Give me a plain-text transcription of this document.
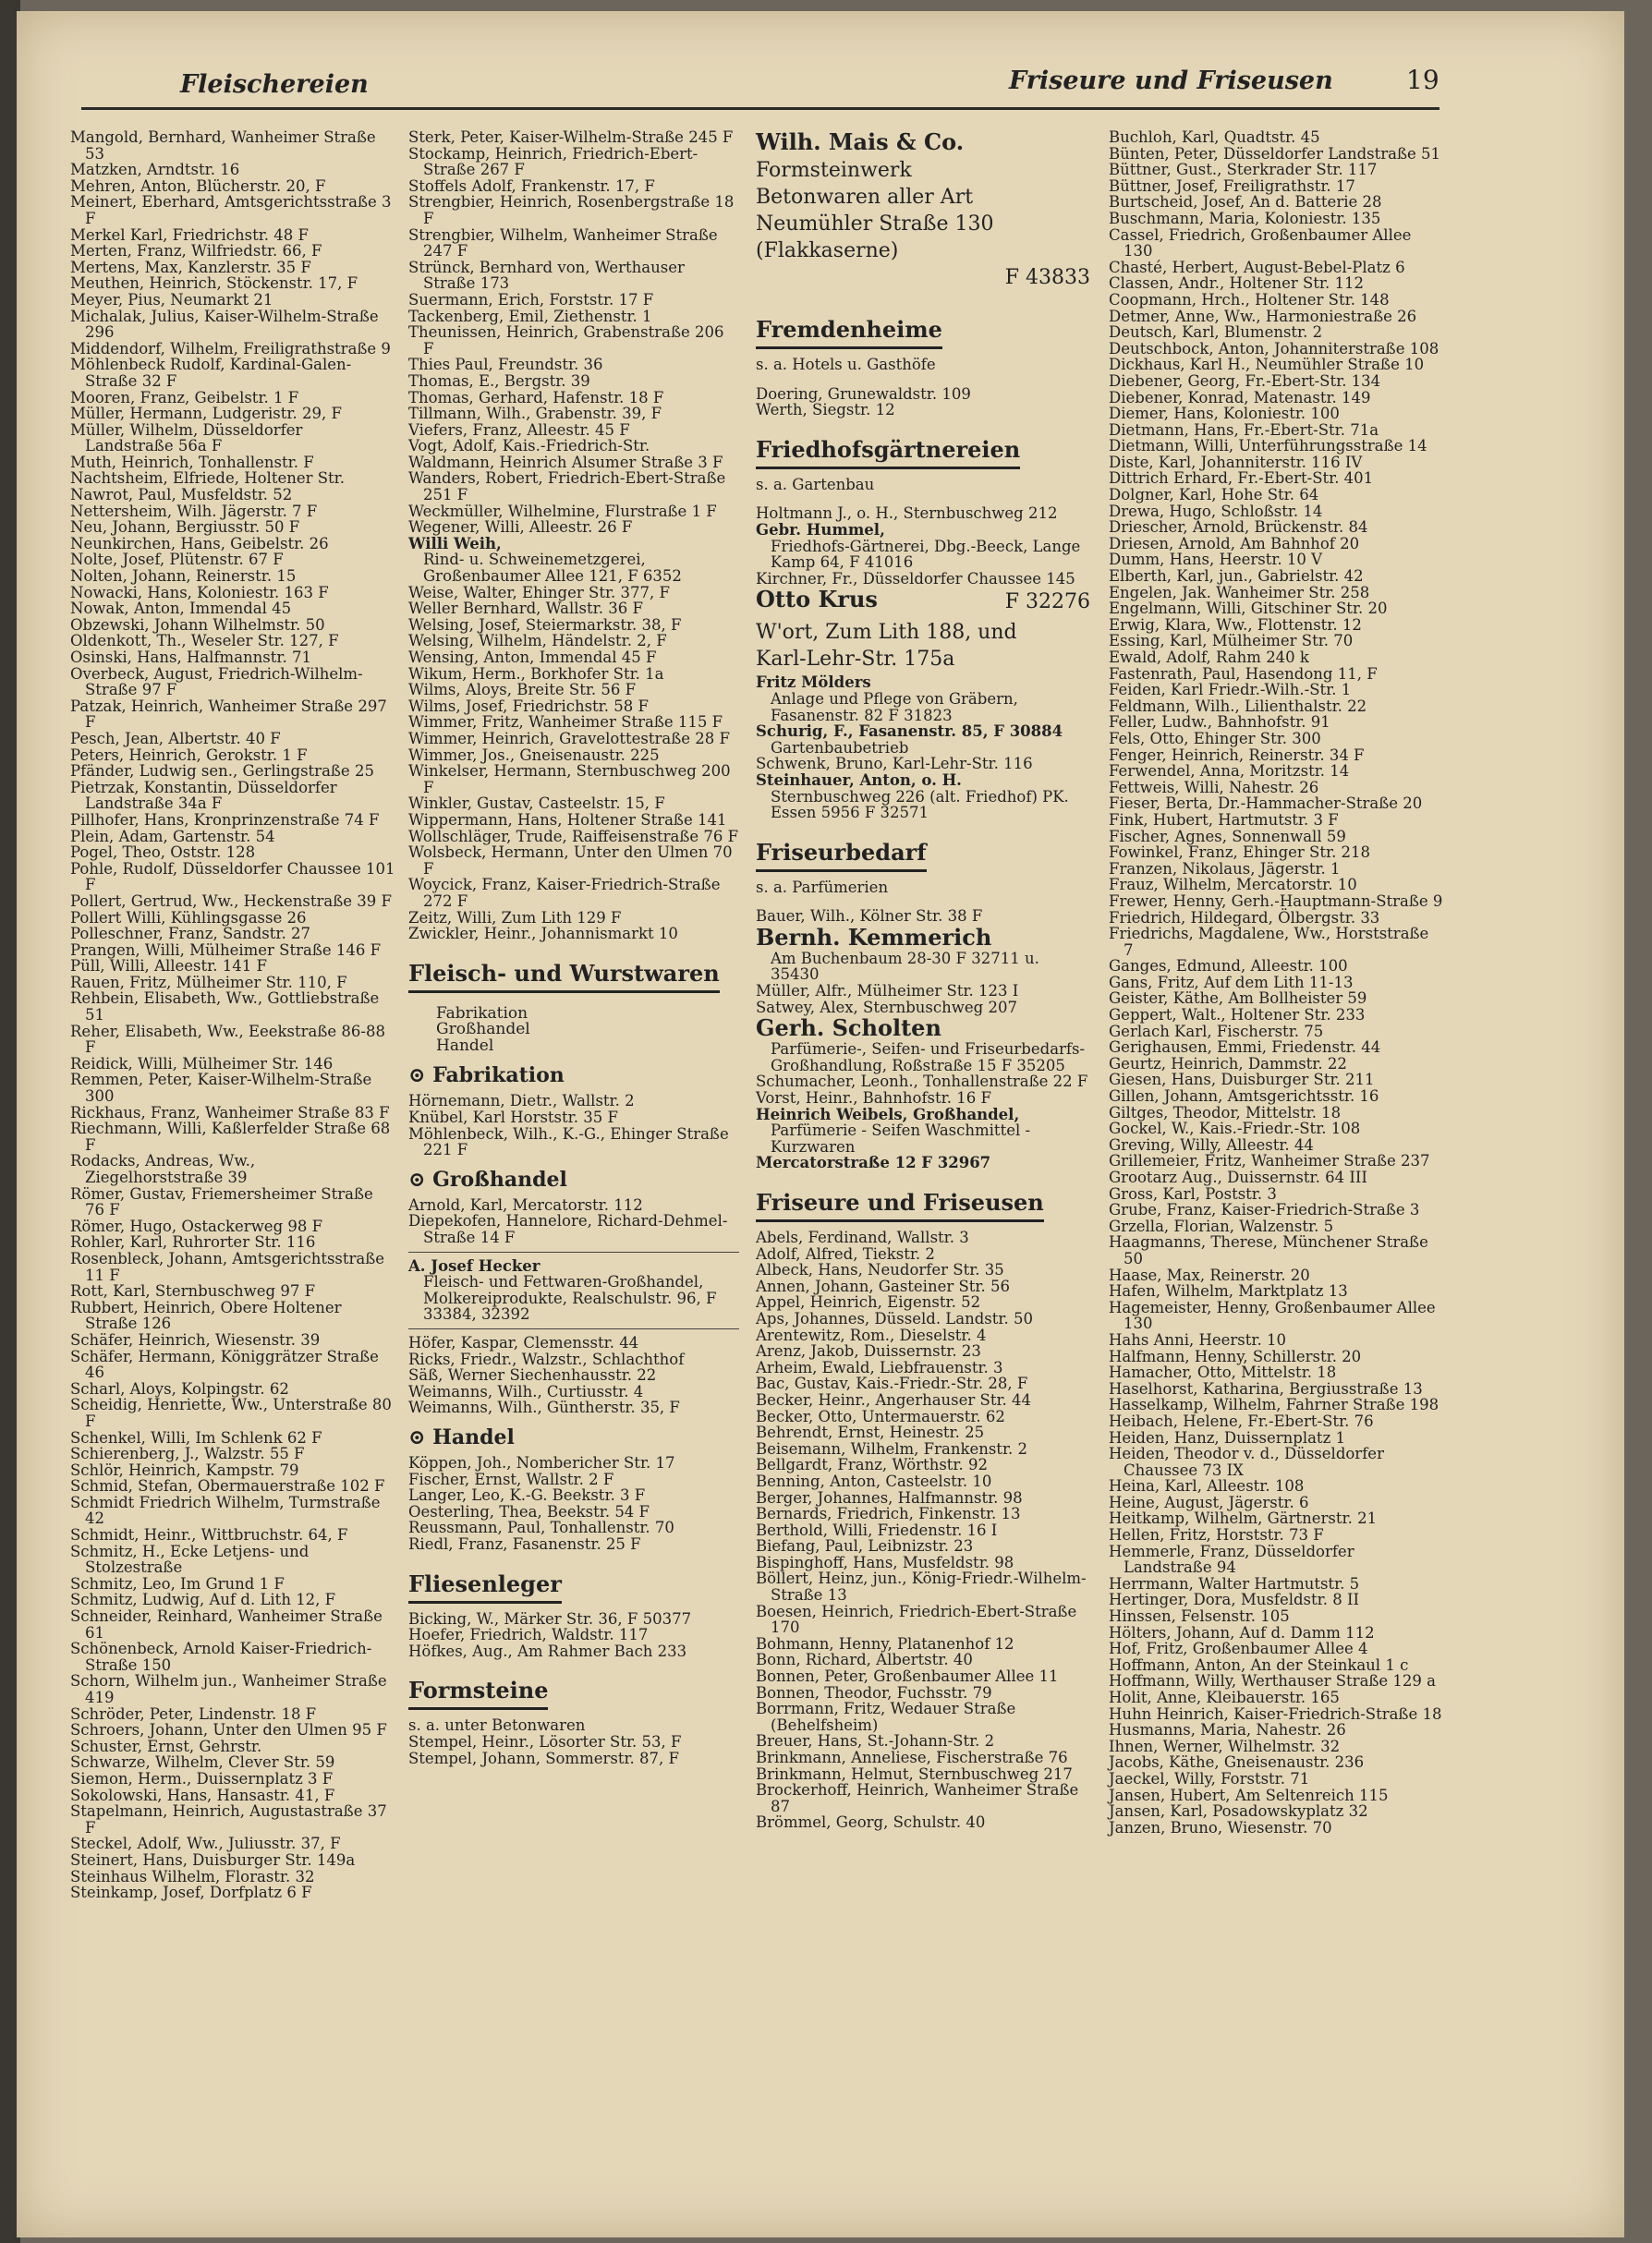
Fleischereien	Friseure und Friseusen	19

Mangold, Bernhard, Wanheimer Straße 53

Matzken, Arndtstr. 16

Mehren, Anton, Blücherstr. 20, F

Meinert, Eberhard, Amtsgerichtsstraße 3 F

Merkel Karl, Friedrichstr. 48 F

Merten, Franz, Wilfriedstr. 66, F

Mertens, Max, Kanzlerstr. 35 F

Meuthen, Heinrich, Stöckenstr. 17, F

Meyer, Pius, Neumarkt 21

Michalak, Julius, Kaiser-Wilhelm-Straße 296

Middendorf, Wilhelm, Freiligrathstraße 9

Möhlenbeck Rudolf, Kardinal-Galen-Straße 32 F

Mooren, Franz, Geibelstr. 1 F

Müller, Hermann, Ludgeristr. 29, F

Müller, Wilhelm, Düsseldorfer Landstraße 56a F

Muth, Heinrich, Tonhallenstr. F

Nachtsheim, Elfriede, Holtener Str.

Nawrot, Paul, Musfeldstr. 52

Nettersheim, Wilh. Jägerstr. 7 F

Neu, Johann, Bergiusstr. 50 F

Neunkirchen, Hans, Geibelstr. 26

Nolte, Josef, Plütenstr. 67 F

Nolten, Johann, Reinerstr. 15

Nowacki, Hans, Koloniestr. 163 F

Nowak, Anton, Immendal 45

Obzewski, Johann Wilhelmstr. 50

Oldenkott, Th., Weseler Str. 127, F

Osinski, Hans, Halfmannstr. 71

Overbeck, August, Friedrich-Wilhelm-Straße 97 F

Patzak, Heinrich, Wanheimer Straße 297 F

Pesch, Jean, Albertstr. 40 F

Peters, Heinrich, Gerokstr. 1 F

Pfänder, Ludwig sen., Gerlingstraße 25

Pietrzak, Konstantin, Düsseldorfer Landstraße 34a F

Pillhofer, Hans, Kronprinzenstraße 74 F

Plein, Adam, Gartenstr. 54

Pogel, Theo, Oststr. 128

Pohle, Rudolf, Düsseldorfer Chaussee 101 F

Pollert, Gertrud, Ww., Heckenstraße 39 F

Pollert Willi, Kühlingsgasse 26

Polleschner, Franz, Sandstr. 27

Prangen, Willi, Mülheimer Straße 146 F

Püll, Willi, Alleestr. 141 F

Rauen, Fritz, Mülheimer Str. 110, F

Rehbein, Elisabeth, Ww., Gottliebstraße 51

Reher, Elisabeth, Ww., Eeekstraße 86-88 F

Reidick, Willi, Mülheimer Str. 146

Remmen, Peter, Kaiser-Wilhelm-Straße 300

Rickhaus, Franz, Wanheimer Straße 83 F

Riechmann, Willi, Kaßlerfelder Straße 68 F

Rodacks, Andreas, Ww., Ziegelhorststraße 39

Römer, Gustav, Friemersheimer Straße 76 F

Römer, Hugo, Ostackerweg 98 F

Rohler, Karl, Ruhrorter Str. 116

Rosenbleck, Johann, Amtsgerichtsstraße 11 F

Rott, Karl, Sternbuschweg 97 F

Rubbert, Heinrich, Obere Holtener Straße 126

Schäfer, Heinrich, Wiesenstr. 39

Schäfer, Hermann, Königgrätzer Straße 46

Scharl, Aloys, Kolpingstr. 62

Scheidig, Henriette, Ww., Unterstraße 80 F

Schenkel, Willi, Im Schlenk 62 F

Schierenberg, J., Walzstr. 55 F

Schlör, Heinrich, Kampstr. 79

Schmid, Stefan, Obermauerstraße 102 F

Schmidt Friedrich Wilhelm, Turmstraße 42

Schmidt, Heinr., Wittbruchstr. 64, F

Schmitz, H., Ecke Letjens- und Stolzestraße

Schmitz, Leo, Im Grund 1 F

Schmitz, Ludwig, Auf d. Lith 12, F

Schneider, Reinhard, Wanheimer Straße 61

Schönenbeck, Arnold Kaiser-Friedrich-Straße 150

Schorn, Wilhelm jun., Wanheimer Straße 419

Schröder, Peter, Lindenstr. 18 F

Schroers, Johann, Unter den Ulmen 95 F

Schuster, Ernst, Gehrstr.

Schwarze, Wilhelm, Clever Str. 59

Siemon, Herm., Duissernplatz 3 F

Sokolowski, Hans, Hansastr. 41, F

Stapelmann, Heinrich, Augustastraße 37 F

Steckel, Adolf, Ww., Juliusstr. 37, F

Steinert, Hans, Duisburger Str. 149a

Steinhaus Wilhelm, Florastr. 32

Steinkamp, Josef, Dorfplatz 6 F

Sterk, Peter, Kaiser-Wilhelm-Straße 245 F

Stockamp, Heinrich, Friedrich-Ebert-Straße 267 F

Stoffels Adolf, Frankenstr. 17, F

Strengbier, Heinrich, Rosenbergstraße 18 F

Strengbier, Wilhelm, Wanheimer Straße 247 F

Strünck, Bernhard von, Werthauser Straße 173

Suermann, Erich, Forststr. 17 F

Tackenberg, Emil, Ziethenstr. 1

Theunissen, Heinrich, Grabenstraße 206 F

Thies Paul, Freundstr. 36

Thomas, E., Bergstr. 39

Thomas, Gerhard, Hafenstr. 18 F

Tillmann, Wilh., Grabenstr. 39, F

Viefers, Franz, Alleestr. 45 F

Vogt, Adolf, Kais.-Friedrich-Str.

Waldmann, Heinrich Alsumer Straße 3 F

Wanders, Robert, Friedrich-Ebert-Straße 251 F

Weckmüller, Wilhelmine, Flurstraße 1 F

Wegener, Willi, Alleestr. 26 F

Willi Weih,
Rind- u. Schweinemetzgerei, Großenbaumer Allee 121, F 6352

Weise, Walter, Ehinger Str. 377, F

Weller Bernhard, Wallstr. 36 F

Welsing, Josef, Steiermarkstr. 38, F

Welsing, Wilhelm, Händelstr. 2, F

Wensing, Anton, Immendal 45 F

Wikum, Herm., Borkhofer Str. 1a

Wilms, Aloys, Breite Str. 56 F

Wilms, Josef, Friedrichstr. 58 F

Wimmer, Fritz, Wanheimer Straße 115 F

Wimmer, Heinrich, Gravelottestraße 28 F

Wimmer, Jos., Gneisenaustr. 225

Winkelser, Hermann, Sternbuschweg 200 F

Winkler, Gustav, Casteelstr. 15, F

Wippermann, Hans, Holtener Straße 141

Wollschläger, Trude, Raiffeisenstraße 76 F

Wolsbeck, Hermann, Unter den Ulmen 70 F

Woycick, Franz, Kaiser-Friedrich-Straße 272 F

Zeitz, Willi, Zum Lith 129 F

Zwickler, Heinr., Johannismarkt 10

Fleisch- und Wurstwaren

Fabrikation

Großhandel

Handel

⊙ Fabrikation

Hörnemann, Dietr., Wallstr. 2

Knübel, Karl Horststr. 35 F

Möhlenbeck, Wilh., K.-G., Ehinger Straße 221 F

⊙ Großhandel

Arnold, Karl, Mercatorstr. 112

Diepekofen, Hannelore, Richard-Dehmel-Straße 14 F

A. Josef Hecker
Fleisch- und Fettwaren-Großhandel, Molkereiprodukte, Realschulstr. 96, F 33384, 32392

Höfer, Kaspar, Clemensstr. 44

Ricks, Friedr., Walzstr., Schlachthof

Säß, Werner Siechenhausstr. 22

Weimanns, Wilh., Curtiusstr. 4

Weimanns, Wilh., Güntherstr. 35, F

⊙ Handel

Köppen, Joh., Nomberichеr Str. 17

Fischer, Ernst, Wallstr. 2 F

Langer, Leo, K.-G. Beekstr. 3 F

Oesterling, Thea, Beekstr. 54 F

Reussmann, Paul, Tonhallenstr. 70

Riedl, Franz, Fasanenstr. 25 F

Fliesenleger

Bicking, W., Märker Str. 36, F 50377

Hoefer, Friedrich, Waldstr. 117

Höfkes, Aug., Am Rahmer Bach 233

Formsteine

s. a. unter Betonwaren

Stempel, Heinr., Lösorter Str. 53, F

Stempel, Johann, Sommerstr. 87, F

Wilh. Mais & Co.
Formsteinwerk
Betonwaren aller Art
Neumühler Straße 130
(Flakkaserne)
F 43833
Fremdenheime

s. a. Hotels u. Gasthöfe

Doering, Grunewaldstr. 109

Werth, Siegstr. 12

Friedhofsgärtnereien

s. a. Gartenbau

Holtmann J., o. H., Sternbuschweg 212

Gebr. Hummel,
Friedhofs-Gärtnerei, Dbg.-Beeck, Lange Kamp 64, F 41016

Kirchner, Fr., Düsseldorfer Chaussee 145

Otto Krus	F 32276
W'ort, Zum Lith 188, und
Karl-Lehr-Str. 175a

Fritz Mölders
Anlage und Pflege von Gräbern, Fasanenstr. 82 F 31823

Schurig, F., Fasanenstr. 85, F 30884
Gartenbaubetrieb

Schwenk, Bruno, Karl-Lehr-Str. 116

Steinhauer, Anton, o. H.
Sternbuschweg 226 (alt. Friedhof) PK. Essen 5956 F 32571

Friseurbedarf

s. a. Parfümerien

Bauer, Wilh., Kölner Str. 38 F

Bernh. Kemmerich
Am Buchenbaum 28-30 F 32711 u. 35430

Müller, Alfr., Mülheimer Str. 123 I

Satwey, Alex, Sternbuschweg 207

Gerh. Scholten
Parfümerie-, Seifen- und Friseurbedarfs-Großhandlung, Roßstraße 15 F 35205

Schumacher, Leonh., Tonhallenstraße 22 F

Vorst, Heinr., Bahnhofstr. 16 F

Heinrich Weibels, Großhandel,
Parfümerie - Seifen Waschmittel - Kurzwaren

Mercatorstraße 12 F 32967

Friseure und Friseusen

Abels, Ferdinand, Wallstr. 3

Adolf, Alfred, Tiekstr. 2

Albeck, Hans, Neudorfer Str. 35

Annen, Johann, Gasteiner Str. 56

Appel, Heinrich, Eigenstr. 52

Aps, Johannes, Düsseld. Landstr. 50

Arentewitz, Rom., Dieselstr. 4

Arenz, Jakob, Duissernstr. 23

Arheim, Ewald, Liebfrauenstr. 3

Bac, Gustav, Kais.-Friedr.-Str. 28, F

Becker, Heinr., Angerhauser Str. 44

Becker, Otto, Untermauerstr. 62

Behrendt, Ernst, Heinestr. 25

Beisemann, Wilhelm, Frankenstr. 2

Bellgardt, Franz, Wörthstr. 92

Benning, Anton, Casteelstr. 10

Berger, Johannes, Halfmannstr. 98

Bernards, Friedrich, Finkenstr. 13

Berthold, Willi, Friedenstr. 16 I

Biefang, Paul, Leibnizstr. 23

Bispinghoff, Hans, Musfeldstr. 98

Böllert, Heinz, jun., König-Friedr.-Wilhelm-Straße 13

Boesen, Heinrich, Friedrich-Ebert-Straße 170

Bohmann, Henny, Platanenhof 12

Bonn, Richard, Albertstr. 40

Bonnen, Peter, Großenbaumer Allee 11

Bonnen, Theodor, Fuchsstr. 79

Borrmann, Fritz, Wedauer Straße (Behelfsheim)

Breuer, Hans, St.-Johann-Str. 2

Brinkmann, Anneliese, Fischerstraße 76

Brinkmann, Helmut, Sternbuschweg 217

Brockerhoff, Heinrich, Wanheimer Straße 87

Brömmel, Georg, Schulstr. 40

Buchloh, Karl, Quadtstr. 45

Bünten, Peter, Düsseldorfer Landstraße 51

Büttner, Gust., Sterkrader Str. 117

Büttner, Josef, Freiligrathstr. 17

Burtscheid, Josef, An d. Batterie 28

Buschmann, Maria, Koloniestr. 135

Cassel, Friedrich, Großenbaumer Allee 130

Chasté, Herbert, August-Bebel-Platz 6

Classen, Andr., Holtener Str. 112

Coopmann, Hrch., Holtener Str. 148

Detmer, Anne, Ww., Harmoniestraße 26

Deutsch, Karl, Blumenstr. 2

Deutschbock, Anton, Johanniterstraße 108

Dickhaus, Karl H., Neumühler Straße 10

Diebener, Georg, Fr.-Ebert-Str. 134

Diebener, Konrad, Matenastr. 149

Diemer, Hans, Koloniestr. 100

Dietmann, Hans, Fr.-Ebert-Str. 71a

Dietmann, Willi, Unterführungsstraße 14

Diste, Karl, Johanniterstr. 116 IV

Dittrich Erhard, Fr.-Ebert-Str. 401

Dolgner, Karl, Hohe Str. 64

Drewa, Hugo, Schloßstr. 14

Driescher, Arnold, Brückenstr. 84

Driesen, Arnold, Am Bahnhof 20

Dumm, Hans, Heerstr. 10 V

Elberth, Karl, jun., Gabrielstr. 42

Engelen, Jak. Wanheimer Str. 258

Engelmann, Willi, Gitschiner Str. 20

Erwig, Klara, Ww., Flottenstr. 12

Essing, Karl, Mülheimer Str. 70

Ewald, Adolf, Rahm 240 k

Fastenrath, Paul, Hasendong 11, F

Feiden, Karl Friedr.-Wilh.-Str. 1

Feldmann, Wilh., Lilienthalstr. 22

Feller, Ludw., Bahnhofstr. 91

Fels, Otto, Ehinger Str. 300

Fenger, Heinrich, Reinerstr. 34 F

Ferwendel, Anna, Moritzstr. 14

Fettweis, Willi, Nahestr. 26

Fieser, Berta, Dr.-Hammacher-Straße 20

Fink, Hubert, Hartmutstr. 3 F

Fischer, Agnes, Sonnenwall 59

Fowinkel, Franz, Ehinger Str. 218

Franzen, Nikolaus, Jägerstr. 1

Frauz, Wilhelm, Mercatorstr. 10

Frewer, Henny, Gerh.-Hauptmann-Straße 9

Friedrich, Hildegard, Ölbergstr. 33

Friedrichs, Magdalene, Ww., Horststraße 7

Ganges, Edmund, Alleestr. 100

Gans, Fritz, Auf dem Lith 11-13

Geister, Käthe, Am Bollheister 59

Geppert, Walt., Holtener Str. 233

Gerlach Karl, Fischerstr. 75

Gerighausen, Emmi, Friedenstr. 44

Geurtz, Heinrich, Dammstr. 22

Giesen, Hans, Duisburger Str. 211

Gillen, Johann, Amtsgerichtsstr. 16

Giltges, Theodor, Mittelstr. 18

Gockel, W., Kais.-Friedr.-Str. 108

Greving, Willy, Alleestr. 44

Grillemeier, Fritz, Wanheimer Straße 237

Grootarz Aug., Duissernstr. 64 III

Gross, Karl, Poststr. 3

Grube, Franz, Kaiser-Friedrich-Straße 3

Grzella, Florian, Walzenstr. 5

Haagmanns, Therese, Münchener Straße 50

Haase, Max, Reinerstr. 20

Hafen, Wilhelm, Marktplatz 13

Hagemeister, Henny, Großenbaumer Allee 130

Hahs Anni, Heerstr. 10

Halfmann, Henny, Schillerstr. 20

Hamacher, Otto, Mittelstr. 18

Haselhorst, Katharina, Bergiusstraße 13

Hasselkamp, Wilhelm, Fahrner Straße 198

Heibach, Helene, Fr.-Ebert-Str. 76

Heiden, Hanz, Duissernplatz 1

Heiden, Theodor v. d., Düsseldorfer Chaussee 73 IX

Heina, Karl, Alleestr. 108

Heine, August, Jägerstr. 6

Heitkamp, Wilhelm, Gärtnerstr. 21

Hellen, Fritz, Horststr. 73 F

Hemmerle, Franz, Düsseldorfer Landstraße 94

Herrmann, Walter Hartmutstr. 5

Hertinger, Dora, Musfeldstr. 8 II

Hinssen, Felsenstr. 105

Hölters, Johann, Auf d. Damm 112

Hof, Fritz, Großenbaumer Allee 4

Hoffmann, Anton, An der Steinkaul 1 c

Hoffmann, Willy, Werthauser Straße 129 a

Holit, Anne, Kleibauerstr. 165

Huhn Heinrich, Kaiser-Friedrich-Straße 18

Husmanns, Maria, Nahestr. 26

Ihnen, Werner, Wilhelmstr. 32

Jacobs, Käthe, Gneisenaustr. 236

Jaeckel, Willy, Forststr. 71

Jansen, Hubert, Am Seltenreich 115

Jansen, Karl, Posadowskyplatz 32

Janzen, Bruno, Wiesenstr. 70
